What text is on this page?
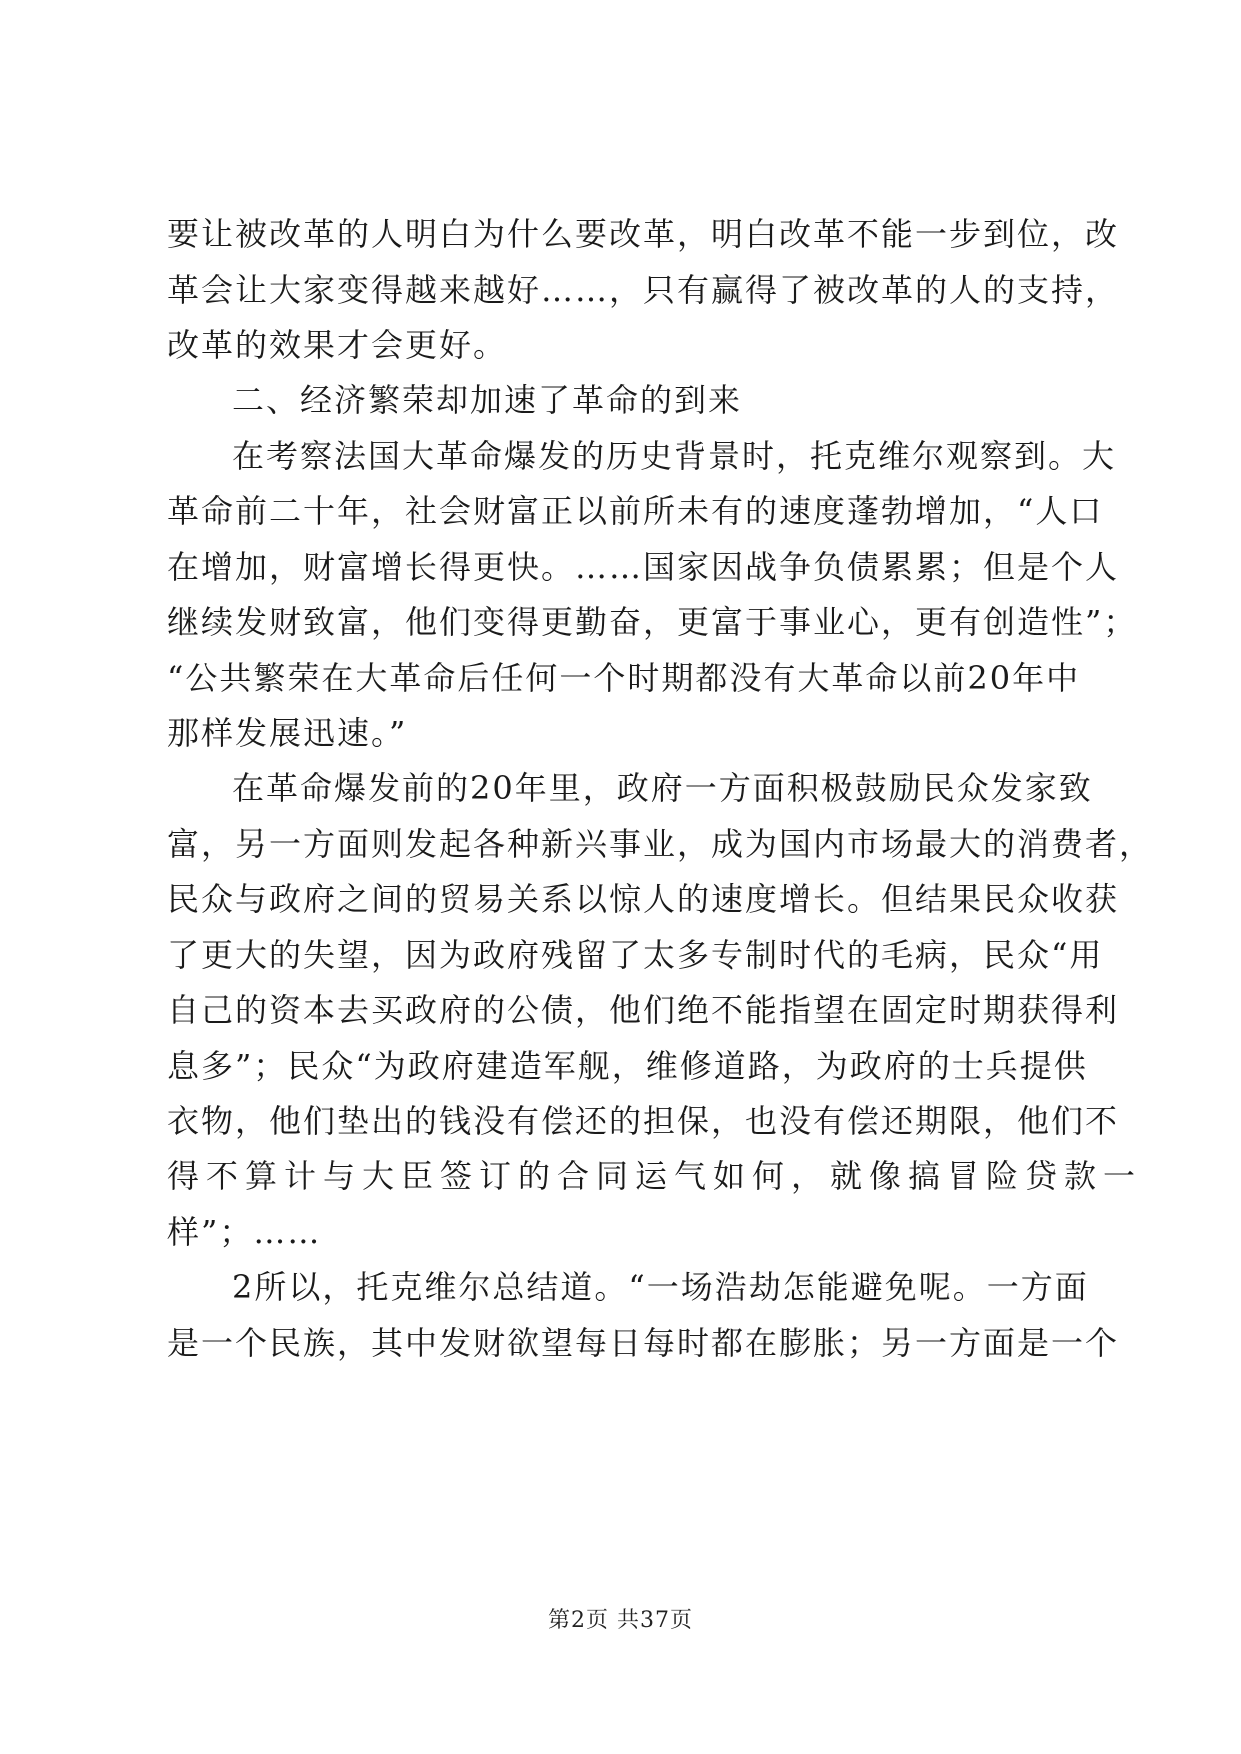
要让被改革的人明白为什么要改革，明白改革不能一步到位，改
革会让大家变得越来越好……，只有赢得了被改革的人的支持，
改革的效果才会更好。
二、经济繁荣却加速了革命的到来
在考察法国大革命爆发的历史背景时，托克维尔观察到。大
革命前二十年，社会财富正以前所未有的速度蓬勃增加，“人口
在增加，财富增长得更快。……国家因战争负债累累；但是个人
继续发财致富，他们变得更勤奋，更富于事业心，更有创造性”；
“公共繁荣在大革命后任何一个时期都没有大革命以前20年中
那样发展迅速。”
在革命爆发前的20年里，政府一方面积极鼓励民众发家致
富，另一方面则发起各种新兴事业，成为国内市场最大的消费者，
民众与政府之间的贸易关系以惊人的速度增长。但结果民众收获
了更大的失望，因为政府残留了太多专制时代的毛病，民众“用
自己的资本去买政府的公债，他们绝不能指望在固定时期获得利
息多”；民众“为政府建造军舰，维修道路，为政府的士兵提供
衣物，他们垫出的钱没有偿还的担保，也没有偿还期限，他们不
得不算计与大臣签订的合同运气如何，就像搞冒险贷款一
样”；……
2所以，托克维尔总结道。“一场浩劫怎能避免呢。一方面
是一个民族，其中发财欲望每日每时都在膨胀；另一方面是一个
第2页 共37页
